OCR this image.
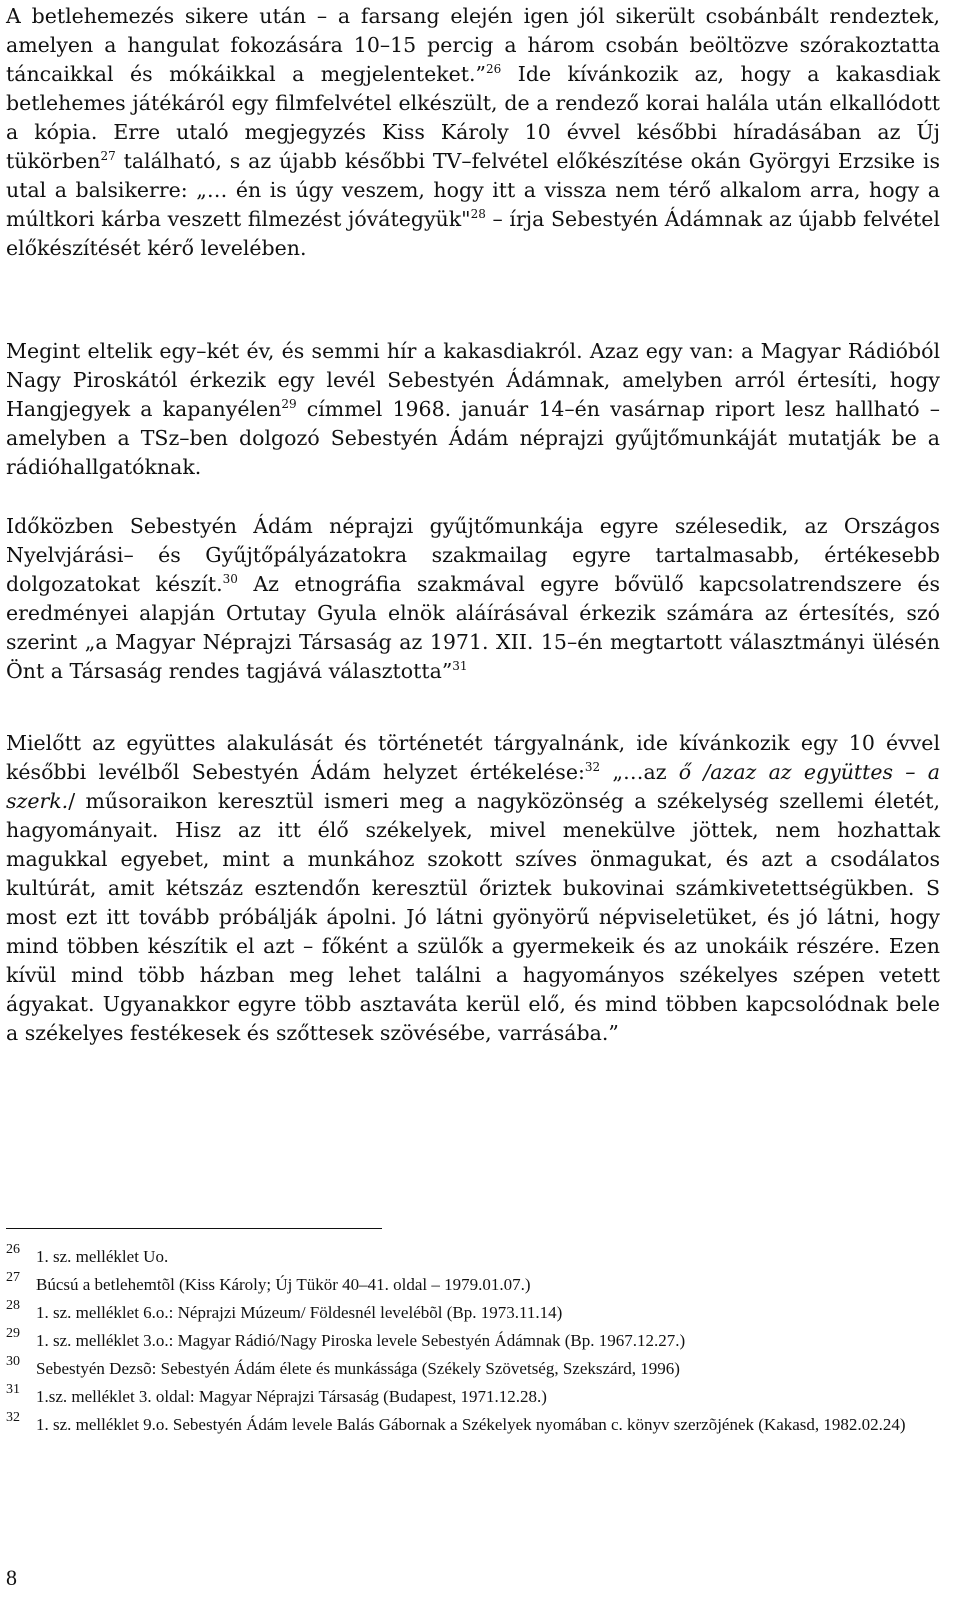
A betlehemezés sikere után – a farsang elején igen jól sikerült csobánbált rendeztek, amelyen a hangulat fokozására 10–15 percig a három csobán beöltözve szórakoztatta táncaikkal és mókáikkal a megjelenteket.”$^{26}$ Ide kívánkozik az, hogy a kakasdiak betlehemes játékáról egy filmfelvétel elkészült, de a rendező korai halála után elkallódott a kópia. Erre utaló megjegyzés Kiss Károly 10 évvel későbbi híradásában az Új tükörben$^{27}$ található, s az újabb későbbi TV–felvétel előkészítése okán Györgyi Erzsike is utal a balsikerre: „… én is úgy veszem, hogy itt a vissza nem térő alkalom arra, hogy a múltkori kárba veszett filmezést jóvátegyük"$^{28}$ – írja Sebestyén Ádámnak az újabb felvétel előkészítését kérő levelében.

Megint eltelik egy–két év, és semmi hír a kakasdiakról. Azaz egy van: a Magyar Rádióból Nagy Piroskától érkezik egy levél Sebestyén Ádámnak, amelyben arról értesíti, hogy Hangjegyek a kapanyélen$^{29}$ címmel 1968. január 14–én vasárnap riport lesz hallható – amelyben a TSz–ben dolgozó Sebestyén Ádám néprajzi gyűjtőmunkáját mutatják be a rádióhallgatóknak.

Időközben Sebestyén Ádám néprajzi gyűjtőmunkája egyre szélesedik, az Országos Nyelvjárási– és Gyűjtőpályázatokra szakmailag egyre tartalmasabb, értékesebb dolgozatokat készít.$^{30}$ Az etnográfia szakmával egyre bővülő kapcsolatrendszere és eredményei alapján Ortutay Gyula elnök aláírásával érkezik számára az értesítés, szó szerint „a Magyar Néprajzi Társaság az 1971. XII. 15–én megtartott választmányi ülésén Önt a Társaság rendes tagjává választotta”$^{31}$

Mielőtt az együttes alakulását és történetét tárgyalnánk, ide kívánkozik egy 10 évvel későbbi levélből Sebestyén Ádám helyzet értékelése:$^{32}$ „…az ő /azaz az együttes – a szerk./ műsoraikon keresztül ismeri meg a nagyközönség a székelység szellemi életét, hagyományait. Hisz az itt élő székelyek, mivel menekülve jöttek, nem hozhattak magukkal egyebet, mint a munkához szokott szíves önmagukat, és azt a csodálatos kultúrát, amit kétszáz esztendőn keresztül őriztek bukovinai számkivetettségükben. S most ezt itt tovább próbálják ápolni. Jó látni gyönyörű népviseletüket, és jó látni, hogy mind többen készítik el azt – főként a szülők a gyermekeik és az unokáik részére. Ezen kívül mind több házban meg lehet találni a hagyományos székelyes szépen vetett ágyakat. Ugyanakkor egyre több asztaváta kerül elő, és mind többen kapcsolódnak bele a székelyes festékesek és szőttesek szövésébe, varrásába.”

26 1. sz. melléklet Uo.
27 Búcsú a betlehemtõl (Kiss Károly; Új Tükör 40–41. oldal – 1979.01.07.)
28 1. sz. melléklet 6.o.: Néprajzi Múzeum/ Földesnél levelébõl (Bp. 1973.11.14)
29 1. sz. melléklet 3.o.: Magyar Rádió/Nagy Piroska levele Sebestyén Ádámnak (Bp. 1967.12.27.)
30 Sebestyén Dezsõ: Sebestyén Ádám élete és munkássága (Székely Szövetség, Szekszárd, 1996)
31 1.sz. melléklet 3. oldal: Magyar Néprajzi Társaság (Budapest, 1971.12.28.)
32 1. sz. melléklet 9.o. Sebestyén Ádám levele Balás Gábornak a Székelyek nyomában c. könyv szerzõjének (Kakasd, 1982.02.24)
8
